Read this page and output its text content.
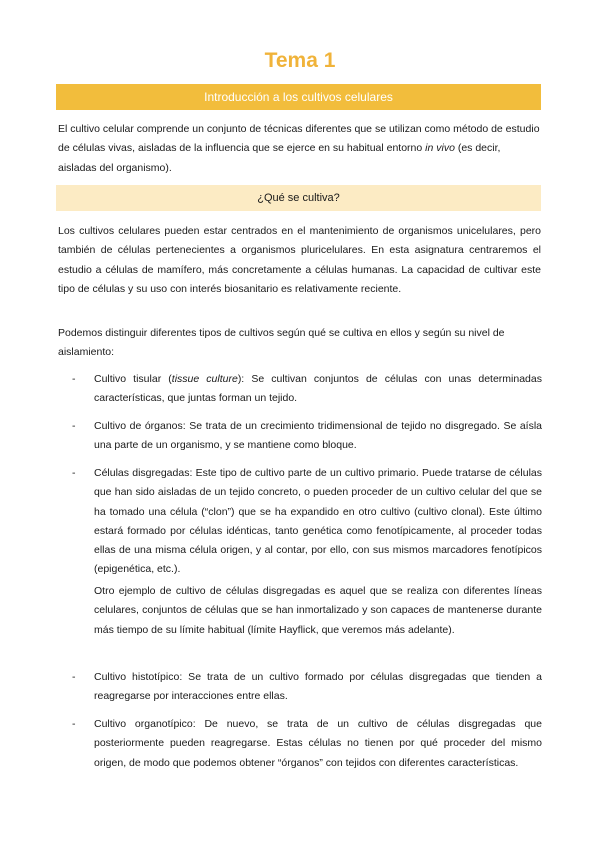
Tema 1
Introducción a los cultivos celulares

El cultivo celular comprende un conjunto de técnicas diferentes que se utilizan como método de estudio de células vivas, aisladas de la influencia que se ejerce en su habitual entorno in vivo (es decir, aisladas del organismo).

¿Qué se cultiva?

Los cultivos celulares pueden estar centrados en el mantenimiento de organismos unicelulares, pero también de células pertenecientes a organismos pluricelulares. En esta asignatura centraremos el estudio a células de mamífero, más concretamente a células humanas. La capacidad de cultivar este tipo de células y su uso con interés biosanitario es relativamente reciente.

Podemos distinguir diferentes tipos de cultivos según qué se cultiva en ellos y según su nivel de aislamiento:

- Cultivo tisular (tissue culture): Se cultivan conjuntos de células con unas determinadas características, que juntas forman un tejido.
- Cultivo de órganos: Se trata de un crecimiento tridimensional de tejido no disgregado. Se aísla una parte de un organismo, y se mantiene como bloque.
- Células disgregadas: Este tipo de cultivo parte de un cultivo primario. Puede tratarse de células que han sido aisladas de un tejido concreto, o pueden proceder de un cultivo celular del que se ha tomado una célula (“clon”) que se ha expandido en otro cultivo (cultivo clonal). Este último estará formado por células idénticas, tanto genética como fenotípicamente, al proceder todas ellas de una misma célula origen, y al contar, por ello, con sus mismos marcadores fenotípicos (epigenética, etc.).

Otro ejemplo de cultivo de células disgregadas es aquel que se realiza con diferentes líneas celulares, conjuntos de células que se han inmortalizado y son capaces de mantenerse durante más tiempo de su límite habitual (límite Hayflick, que veremos más adelante).

- Cultivo histotípico: Se trata de un cultivo formado por células disgregadas que tienden a reagregarse por interacciones entre ellas.
- Cultivo organotípico: De nuevo, se trata de un cultivo de células disgregadas que posteriormente pueden reagregarse. Estas células no tienen por qué proceder del mismo origen, de modo que podemos obtener “órganos” con tejidos con diferentes características.
